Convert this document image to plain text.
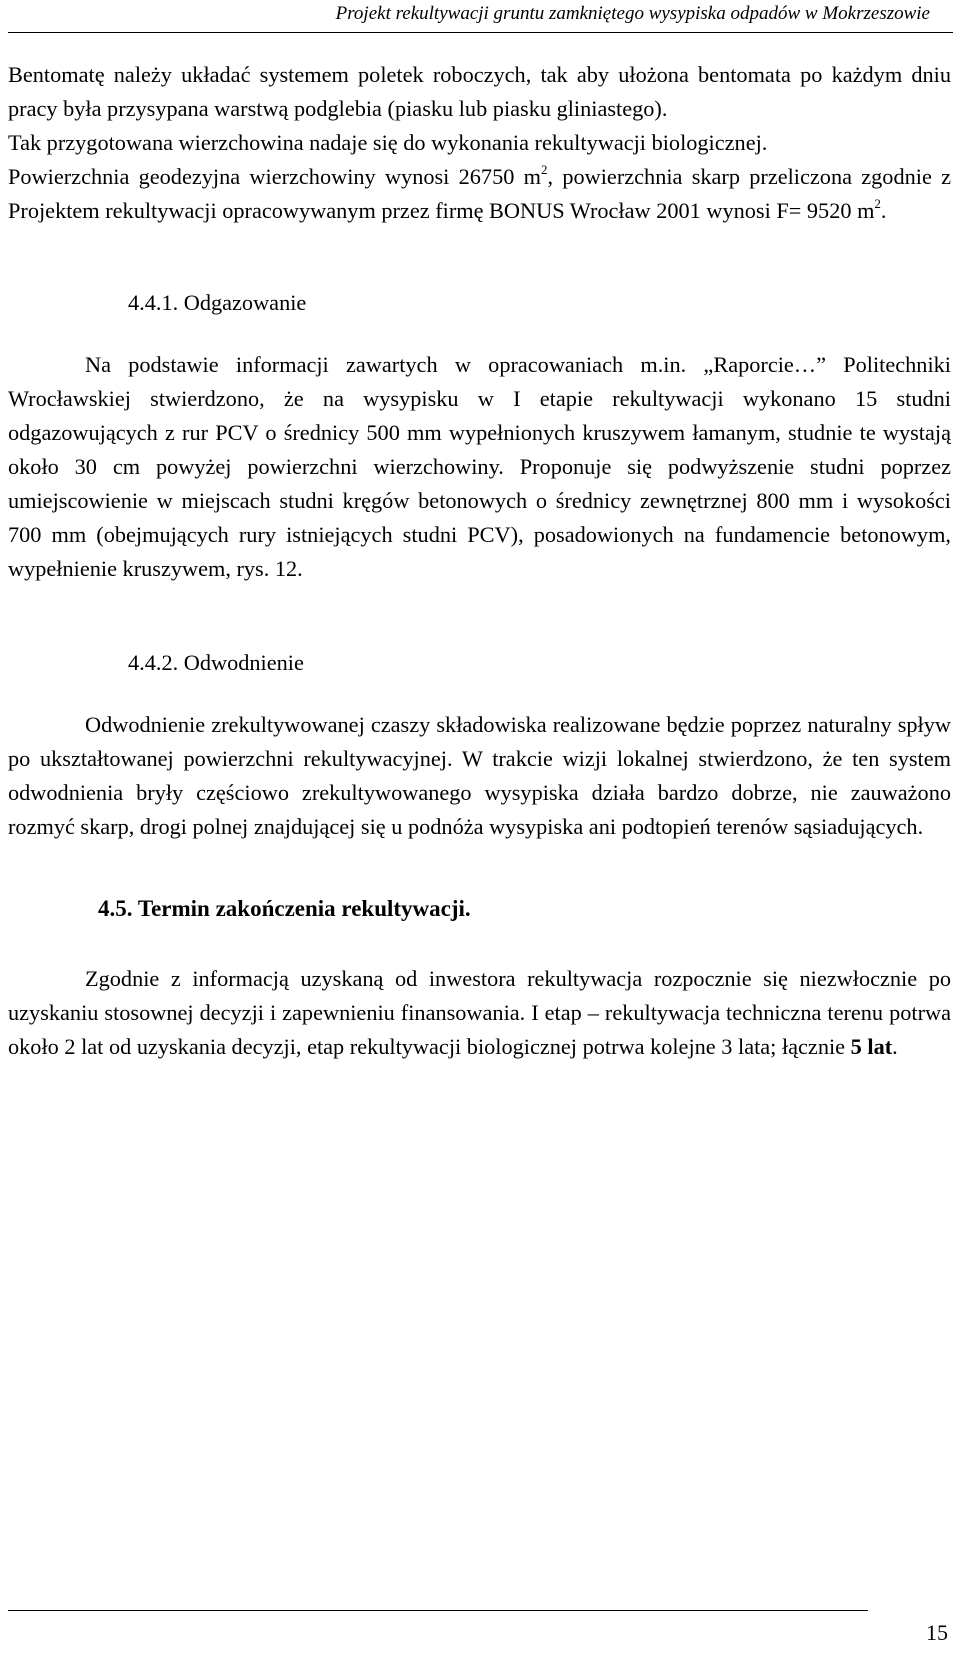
Projekt rekultywacji gruntu zamkniętego wysypiska odpadów w Mokrzeszowie

Bentomatę należy układać systemem poletek roboczych, tak aby ułożona bentomata po każdym dniu pracy była przysypana warstwą podglebia (piasku lub piasku gliniastego).

Tak przygotowana wierzchowina nadaje się do wykonania rekultywacji biologicznej.

Powierzchnia geodezyjna wierzchowiny wynosi 26750 $m^2$, powierzchnia skarp przeliczona zgodnie z Projektem rekultywacji opracowywanym przez firmę BONUS Wrocław 2001 wynosi F= 9520 $m^2$.

4.4.1. Odgazowanie

Na podstawie informacji zawartych w opracowaniach m.in. „Raporcie…” Politechniki Wrocławskiej stwierdzono, że na wysypisku w I etapie rekultywacji wykonano 15 studni odgazowujących z rur PCV o średnicy 500 mm wypełnionych kruszywem łamanym, studnie te wystają około 30 cm powyżej powierzchni wierzchowiny. Proponuje się podwyższenie studni poprzez umiejscowienie w miejscach studni kręgów betonowych o średnicy zewnętrznej 800 mm i wysokości 700 mm (obejmujących rury istniejących studni PCV), posadowionych na fundamencie betonowym, wypełnienie kruszywem, rys. 12.

4.4.2. Odwodnienie

Odwodnienie zrekultywowanej czaszy składowiska realizowane będzie poprzez naturalny spływ po ukształtowanej powierzchni rekultywacyjnej. W trakcie wizji lokalnej stwierdzono, że ten system odwodnienia bryły częściowo zrekultywowanego wysypiska działa bardzo dobrze, nie zauważono rozmyć skarp, drogi polnej znajdującej się u podnóża wysypiska ani podtopień terenów sąsiadujących.

4.5. Termin zakończenia rekultywacji.

Zgodnie z informacją uzyskaną od inwestora rekultywacja rozpocznie się niezwłocznie po uzyskaniu stosownej decyzji i zapewnieniu finansowania. I etap – rekultywacja techniczna terenu potrwa około 2 lat od uzyskania decyzji, etap rekultywacji biologicznej potrwa kolejne 3 lata; łącznie 5 lat.

15
